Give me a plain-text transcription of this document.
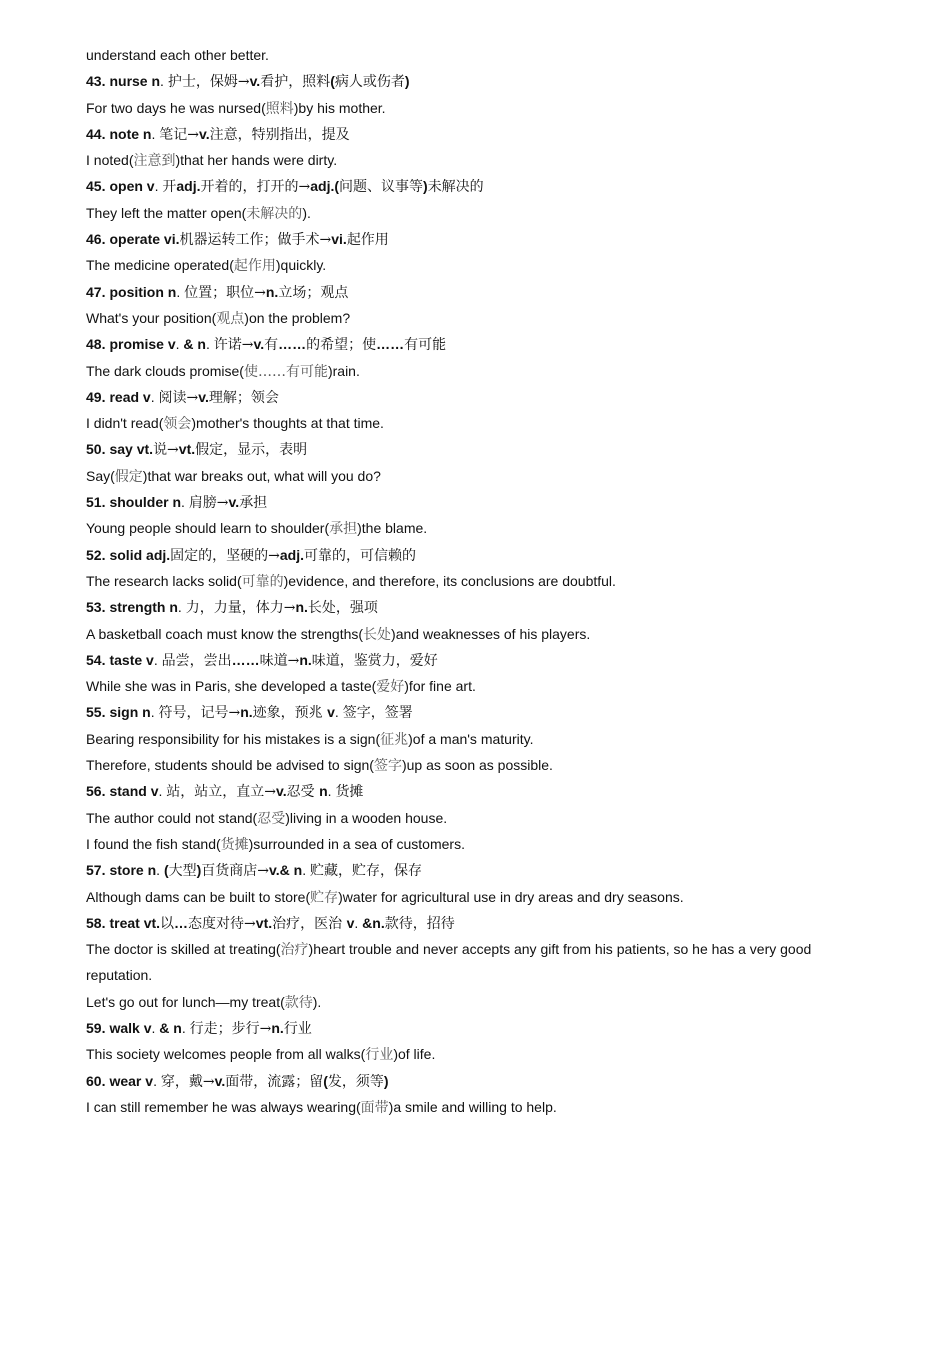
understand each other better.
43. nurse n. 护士，保姆→v.看护，照料(病人或伤者)
For two days he was nursed(照料)by his mother.
44. note n. 笔记→v.注意，特别指出，提及
I noted(注意到)that her hands were dirty.
45. open v. 开adj.开着的，打开的→adj.(问题、议事等)未解决的
They left the matter open(未解决的).
46. operate vi.机器运转工作；做手术→vi.起作用
The medicine operated(起作用)quickly.
47. position n. 位置；职位→n.立场；观点
What's your position(观点)on the problem?
48. promise v. & n. 许诺→v.有……的希望；使……有可能
The dark clouds promise(使……有可能)rain.
49. read v. 阅读→v.理解；领会
I didn't read(领会)mother's thoughts at that time.
50. say vt.说→vt.假定，显示，表明
Say(假定)that war breaks out, what will you do?
51. shoulder n. 肩膀→v.承担
Young people should learn to shoulder(承担)the blame.
52. solid adj.固定的，坚硬的→adj.可靠的，可信赖的
The research lacks solid(可靠的)evidence, and therefore, its conclusions are doubtful.
53. strength n. 力，力量，体力→n.长处，强项
A basketball coach must know the strengths(长处)and weaknesses of his players.
54. taste v. 品尝，尝出……味道→n.味道，鉴赏力，爱好
While she was in Paris, she developed a taste(爱好)for fine art.
55. sign n. 符号，记号→n.迹象，预兆 v. 签字，签署
Bearing responsibility for his mistakes is a sign(征兆)of a man's maturity.
Therefore, students should be advised to sign(签字)up as soon as possible.
56. stand v. 站，站立，直立→v.忍受 n. 货摊
The author could not stand(忍受)living in a wooden house.
I found the fish stand(货摊)surrounded in a sea of customers.
57. store n. (大型)百货商店→v.& n. 贮藏，贮存，保存
Although dams can be built to store(贮存)water for agricultural use in dry areas and dry seasons.
58. treat vt.以…态度对待→vt.治疗，医治 v. &n.款待，招待
The doctor is skilled at treating(治疗)heart trouble and never accepts any gift from his patients, so he has a very good
reputation.
Let's go out for lunch—my treat(款待).
59. walk v. & n. 行走；步行→n.行业
This society welcomes people from all walks(行业)of life.
60. wear v. 穿，戴→v.面带，流露；留(发，须等)
I can still remember he was always wearing(面带)a smile and willing to help.
